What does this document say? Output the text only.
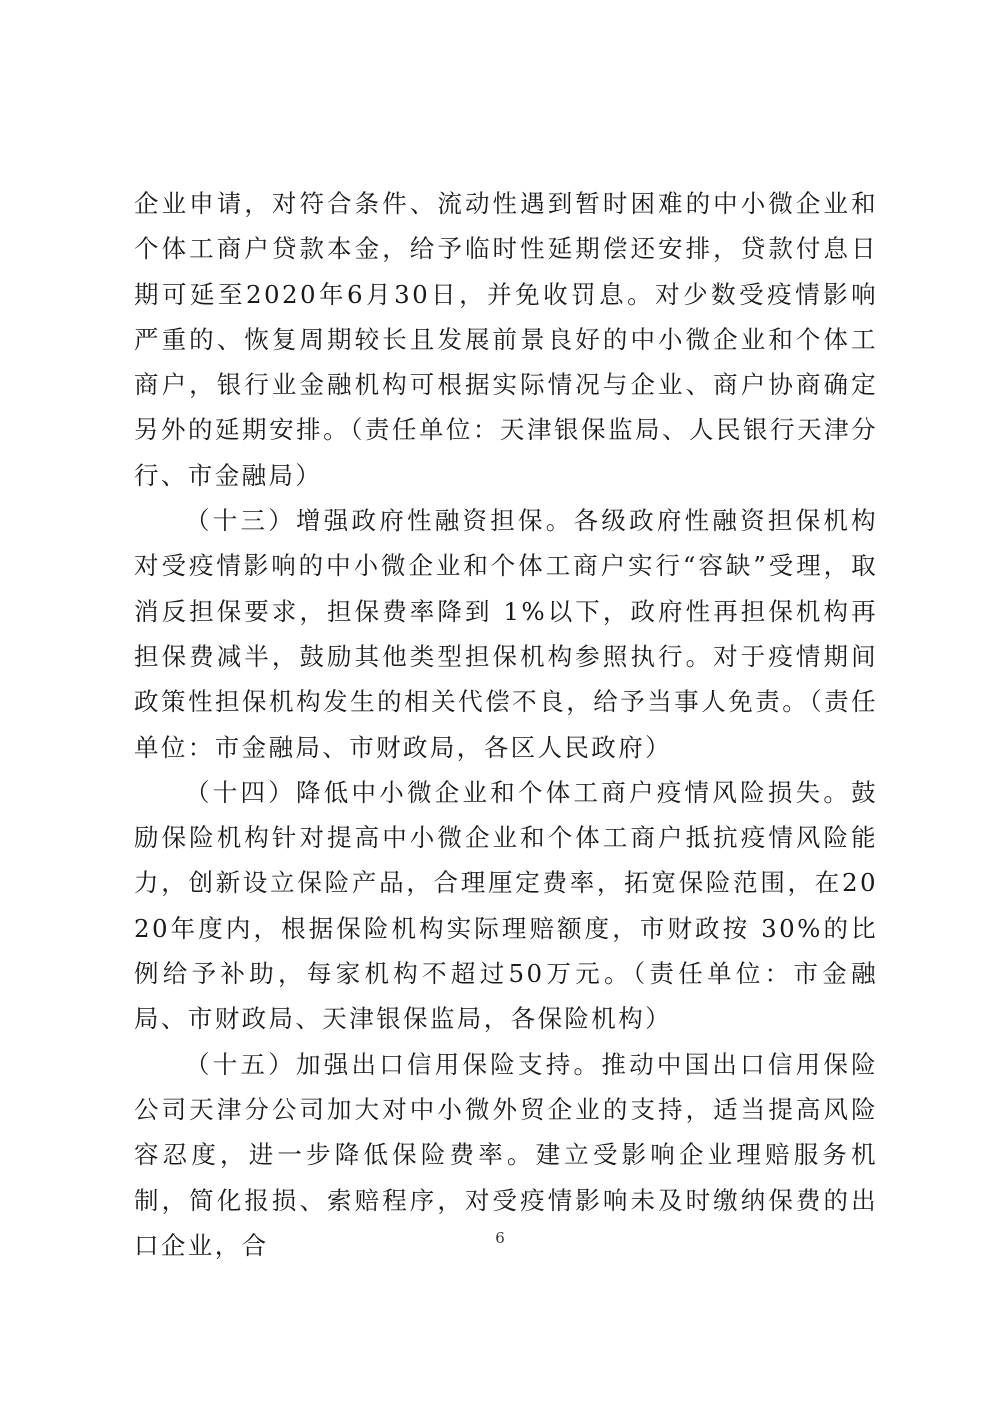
企业申请，对符合条件、流动性遇到暂时困难的中小微企业和个体工商户贷款本金，给予临时性延期偿还安排，贷款付息日期可延至2020年6月30日，并免收罚息。对少数受疫情影响严重的、恢复周期较长且发展前景良好的中小微企业和个体工商户，银行业金融机构可根据实际情况与企业、商户协商确定另外的延期安排。（责任单位：天津银保监局、人民银行天津分行、市金融局）

（十三）增强政府性融资担保。各级政府性融资担保机构对受疫情影响的中小微企业和个体工商户实行“容缺”受理，取消反担保要求，担保费率降到 1%以下，政府性再担保机构再担保费减半，鼓励其他类型担保机构参照执行。对于疫情期间政策性担保机构发生的相关代偿不良，给予当事人免责。（责任单位：市金融局、市财政局，各区人民政府）

（十四）降低中小微企业和个体工商户疫情风险损失。鼓励保险机构针对提高中小微企业和个体工商户抵抗疫情风险能力，创新设立保险产品，合理厘定费率，拓宽保险范围，在2020年度内，根据保险机构实际理赔额度，市财政按 30%的比例给予补助，每家机构不超过50万元。（责任单位：市金融局、市财政局、天津银保监局，各保险机构）

（十五）加强出口信用保险支持。推动中国出口信用保险公司天津分公司加大对中小微外贸企业的支持，适当提高风险容忍度，进一步降低保险费率。建立受影响企业理赔服务机制，简化报损、索赔程序，对受疫情影响未及时缴纳保费的出口企业，合	6
